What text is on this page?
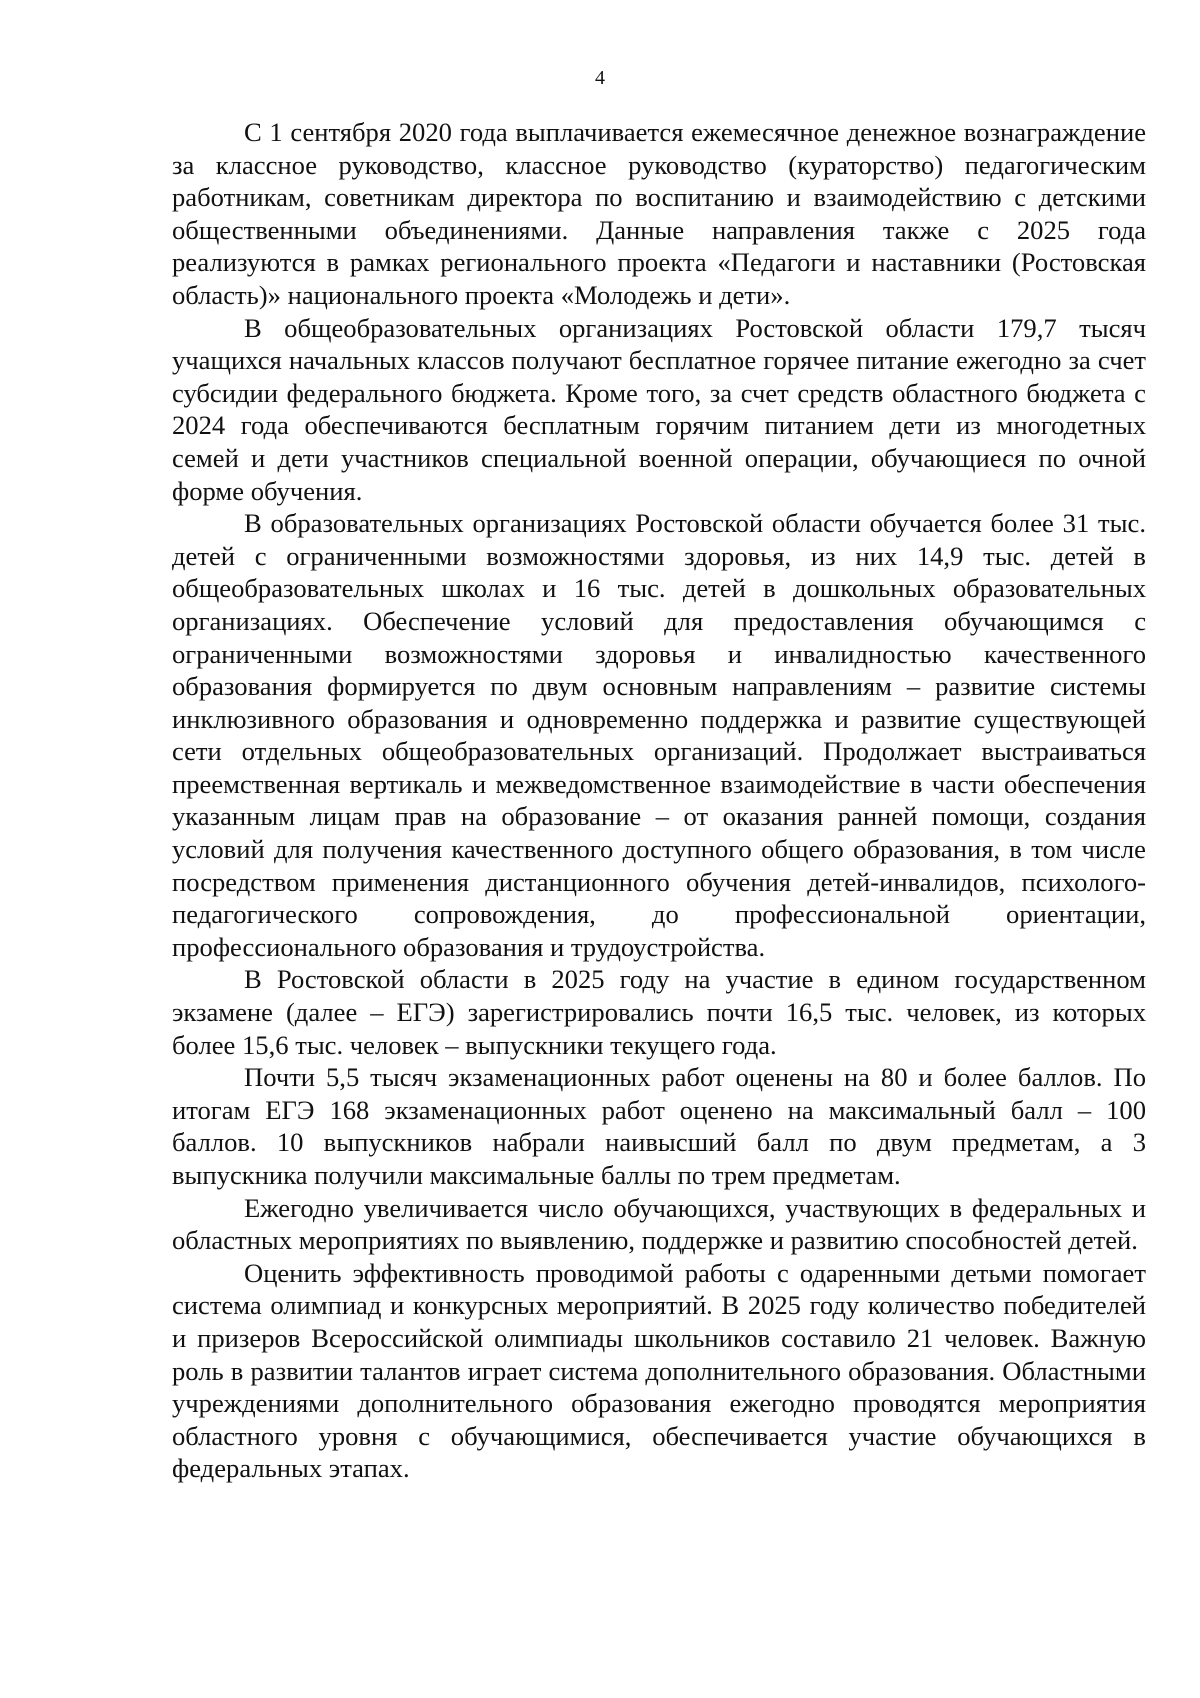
4

С 1 сентября 2020 года выплачивается ежемесячное денежное вознаграждение за классное руководство, классное руководство (кураторство) педагогическим работникам, советникам директора по воспитанию и взаимодействию с детскими общественными объединениями. Данные направления также с 2025 года реализуются в рамках регионального проекта «Педагоги и наставники (Ростовская область)» национального проекта «Молодежь и дети».

В общеобразовательных организациях Ростовской области 179,7 тысяч учащихся начальных классов получают бесплатное горячее питание ежегодно за счет субсидии федерального бюджета. Кроме того, за счет средств областного бюджета с 2024 года обеспечиваются бесплатным горячим питанием дети из многодетных семей и дети участников специальной военной операции, обучающиеся по очной форме обучения.

В образовательных организациях Ростовской области обучается более 31 тыс. детей с ограниченными возможностями здоровья, из них 14,9 тыс. детей в общеобразовательных школах и 16 тыс. детей в дошкольных образовательных организациях. Обеспечение условий для предоставления обучающимся с ограниченными возможностями здоровья и инвалидностью качественного образования формируется по двум основным направлениям – развитие системы инклюзивного образования и одновременно поддержка и развитие существующей сети отдельных общеобразовательных организаций. Продолжает выстраиваться преемственная вертикаль и межведомственное взаимодействие в части обеспечения указанным лицам прав на образование – от оказания ранней помощи, создания условий для получения качественного доступного общего образования, в том числе посредством применения дистанционного обучения детей-инвалидов, психолого-педагогического сопровождения, до профессиональной ориентации, профессионального образования и трудоустройства.

В Ростовской области в 2025 году на участие в едином государственном экзамене (далее – ЕГЭ) зарегистрировались почти 16,5 тыс. человек, из которых более 15,6 тыс. человек – выпускники текущего года.

Почти 5,5 тысяч экзаменационных работ оценены на 80 и более баллов. По итогам ЕГЭ 168 экзаменационных работ оценено на максимальный балл – 100 баллов. 10 выпускников набрали наивысший балл по двум предметам, а 3 выпускника получили максимальные баллы по трем предметам.

Ежегодно увеличивается число обучающихся, участвующих в федеральных и областных мероприятиях по выявлению, поддержке и развитию способностей детей.

Оценить эффективность проводимой работы с одаренными детьми помогает система олимпиад и конкурсных мероприятий. В 2025 году количество победителей и призеров Всероссийской олимпиады школьников составило 21 человек. Важную роль в развитии талантов играет система дополнительного образования. Областными учреждениями дополнительного образования ежегодно проводятся мероприятия областного уровня с обучающимися, обеспечивается участие обучающихся в федеральных этапах.
